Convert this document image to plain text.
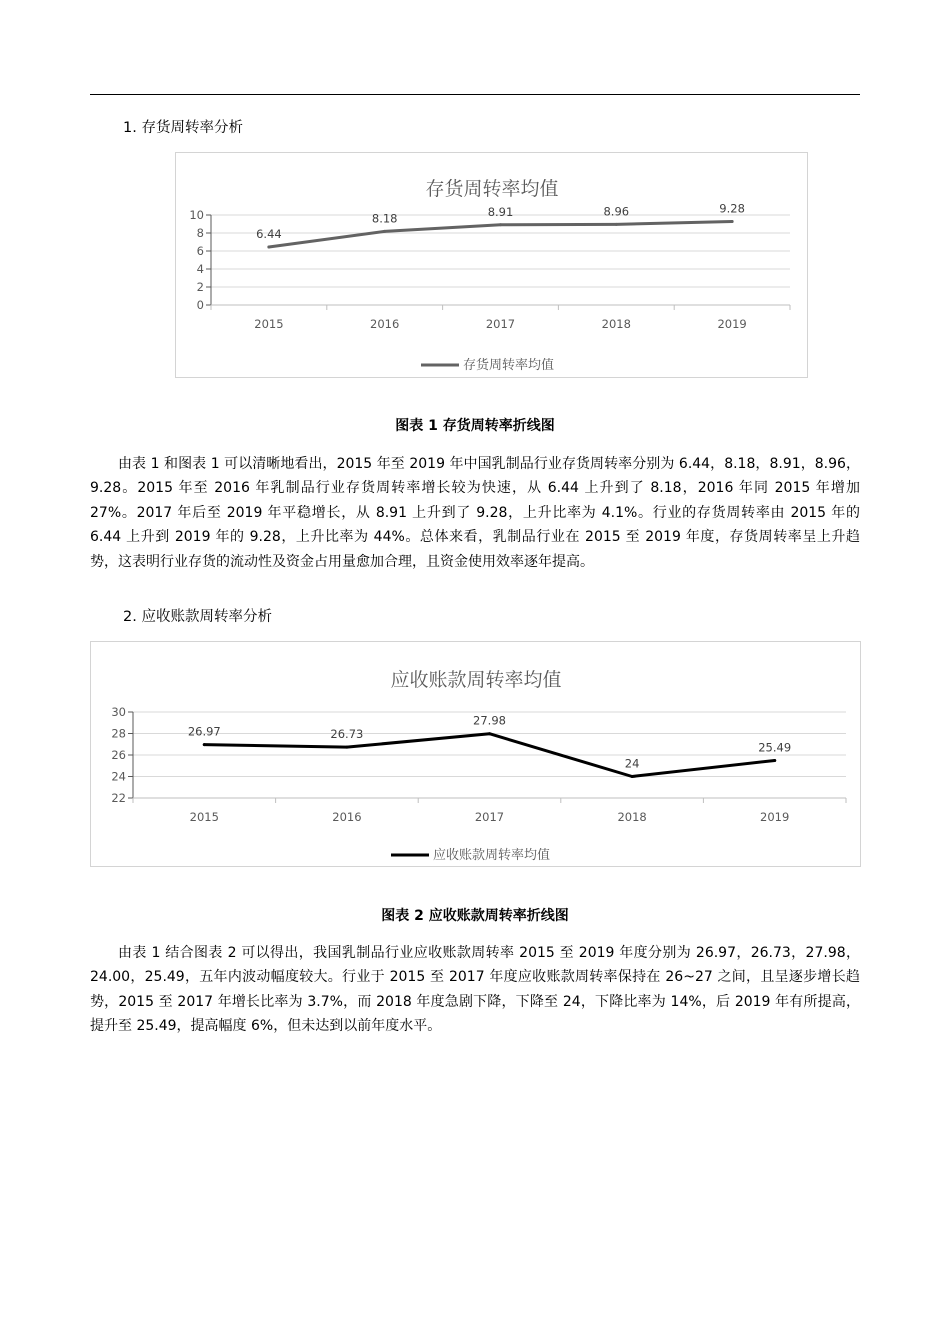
1. 存货周转率分析
存货周转率均值
0
2
4
6
8
10
2015	2016	2017	2018	2019
6.44
8.18	8.91	8.96	9.28
存货周转率均值
图表 1 存货周转率折线图

由表 1 和图表 1 可以清晰地看出，2015 年至 2019 年中国乳制品行业存货周转率分别为 6.44，8.18，8.91，8.96，9.28。2015 年至 2016 年乳制品行业存货周转率增长较为快速，从 6.44 上升到了 8.18，2016 年同 2015 年增加 27%。2017 年后至 2019 年平稳增长，从 8.91 上升到了 9.28，上升比率为 4.1%。行业的存货周转率由 2015 年的 6.44 上升到 2019 年的 9.28，上升比率为 44%。总体来看，乳制品行业在 2015 至 2019 年度，存货周转率呈上升趋势，这表明行业存货的流动性及资金占用量愈加合理，且资金使用效率逐年提高。

2. 应收账款周转率分析
应收账款周转率均值
22
24
26
28
30
2015	2016	2017	2018	2019
26.97	26.73
27.98
24
25.49
应收账款周转率均值
图表 2 应收账款周转率折线图

由表 1 结合图表 2 可以得出，我国乳制品行业应收账款周转率 2015 至 2019 年度分别为 26.97，26.73，27.98，24.00，25.49，五年内波动幅度较大。行业于 2015 至 2017 年度应收账款周转率保持在 26~27 之间，且呈逐步增长趋势，2015 至 2017 年增长比率为 3.7%，而 2018 年度急剧下降，下降至 24，下降比率为 14%，后 2019 年有所提高，提升至 25.49，提高幅度 6%，但未达到以前年度水平。
